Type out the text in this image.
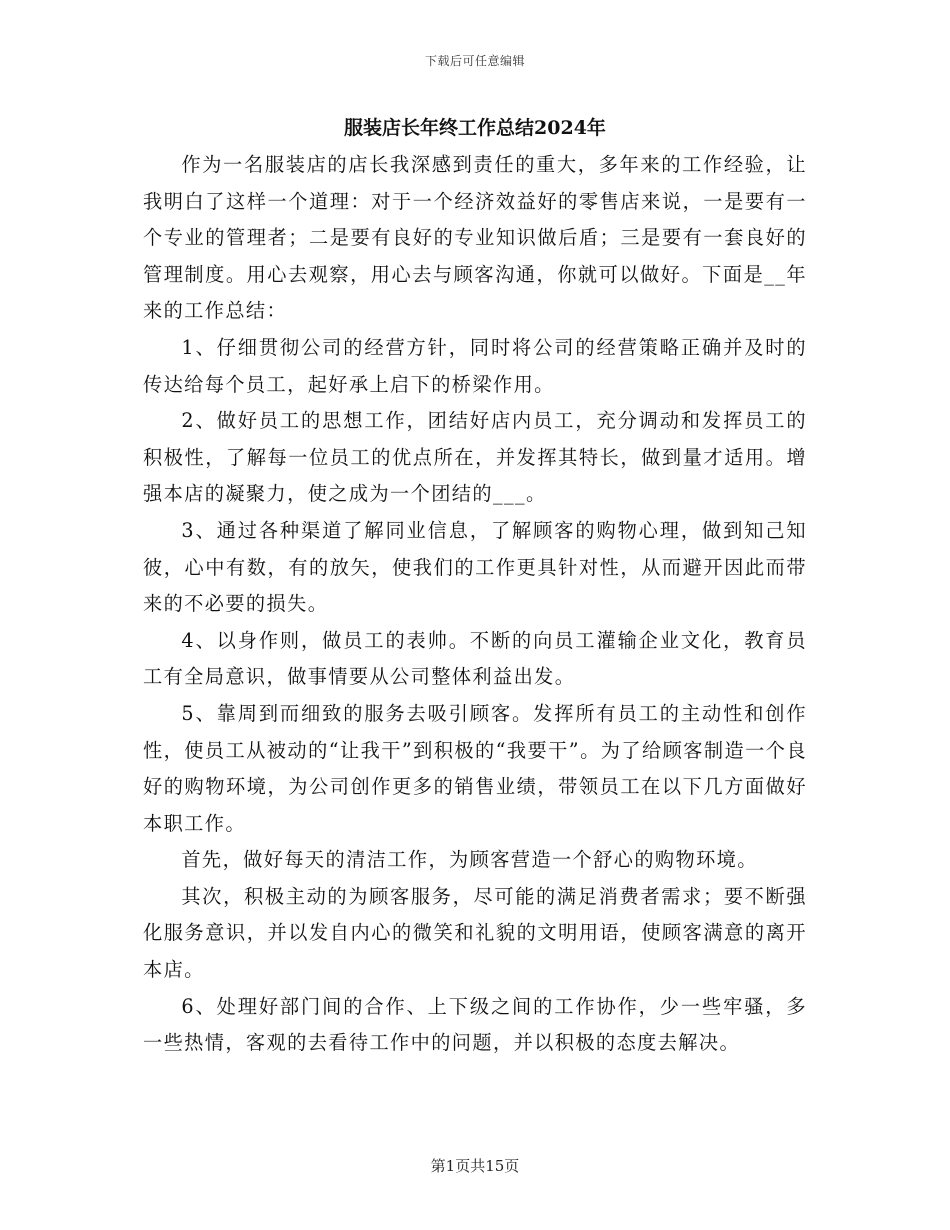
下载后可任意编辑
服装店长年终工作总结2024年

作为一名服装店的店长我深感到责任的重大，多年来的工作经验，让我明白了这样一个道理：对于一个经济效益好的零售店来说，一是要有一个专业的管理者；二是要有良好的专业知识做后盾；三是要有一套良好的管理制度。用心去观察，用心去与顾客沟通，你就可以做好。下面是__年来的工作总结：

1、仔细贯彻公司的经营方针，同时将公司的经营策略正确并及时的传达给每个员工，起好承上启下的桥梁作用。

2、做好员工的思想工作，团结好店内员工，充分调动和发挥员工的积极性，了解每一位员工的优点所在，并发挥其特长，做到量才适用。增强本店的凝聚力，使之成为一个团结的___。

3、通过各种渠道了解同业信息，了解顾客的购物心理，做到知己知彼，心中有数，有的放矢，使我们的工作更具针对性，从而避开因此而带来的不必要的损失。

4、以身作则，做员工的表帅。不断的向员工灌输企业文化，教育员工有全局意识，做事情要从公司整体利益出发。

5、靠周到而细致的服务去吸引顾客。发挥所有员工的主动性和创作性，使员工从被动的“让我干”到积极的“我要干”。为了给顾客制造一个良好的购物环境，为公司创作更多的销售业绩，带领员工在以下几方面做好本职工作。

首先，做好每天的清洁工作，为顾客营造一个舒心的购物环境。

其次，积极主动的为顾客服务，尽可能的满足消费者需求；要不断强化服务意识，并以发自内心的微笑和礼貌的文明用语，使顾客满意的离开本店。

6、处理好部门间的合作、上下级之间的工作协作，少一些牢骚，多一些热情，客观的去看待工作中的问题，并以积极的态度去解决。

第1页共15页
